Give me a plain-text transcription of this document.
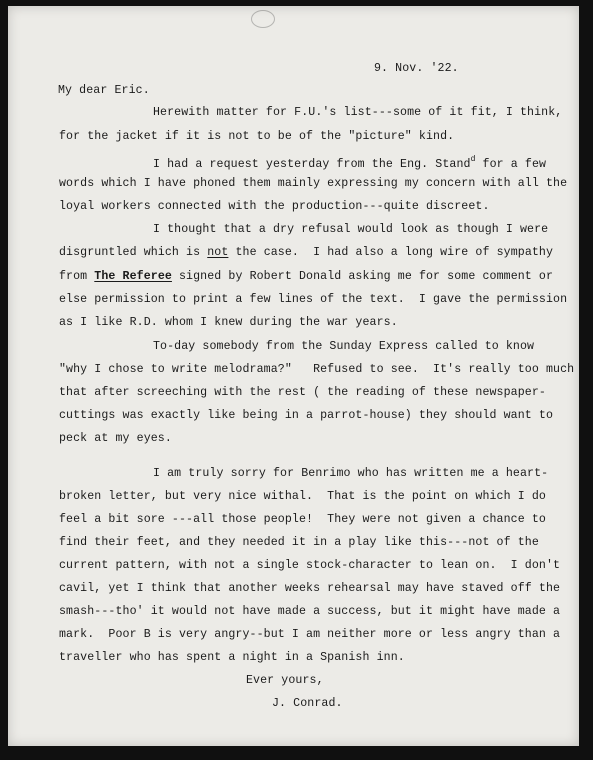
9. Nov. '22.
My dear Eric.
Herewith matter for F.U.'s list---some of it fit, I think,
for the jacket if it is not to be of the "picture" kind.
I had a request yesterday from the Eng. Stand$^d$ for a few
words which I have phoned them mainly expressing my concern with all the
loyal workers connected with the production---quite discreet.
I thought that a dry refusal would look as though I were
disgruntled which is not the case.  I had also a long wire of sympathy
from The Referee signed by Robert Donald asking me for some comment or
else permission to print a few lines of the text.  I gave the permission
as I like R.D. whom I knew during the war years.
To-day somebody from the Sunday Express called to know
"why I chose to write melodrama?"   Refused to see.  It's really too much
that after screeching with the rest ( the reading of these newspaper-
cuttings was exactly like being in a parrot-house) they should want to
peck at my eyes.
I am truly sorry for Benrimo who has written me a heart-
broken letter, but very nice withal.  That is the point on which I do
feel a bit sore ---all those people!  They were not given a chance to
find their feet, and they needed it in a play like this---not of the
current pattern, with not a single stock-character to lean on.  I don't
cavil, yet I think that another weeks rehearsal may have staved off the
smash---tho' it would not have made a success, but it might have made a
mark.  Poor B is very angry--but I am neither more or less angry than a
traveller who has spent a night in a Spanish inn.
Ever yours,
J. Conrad.
